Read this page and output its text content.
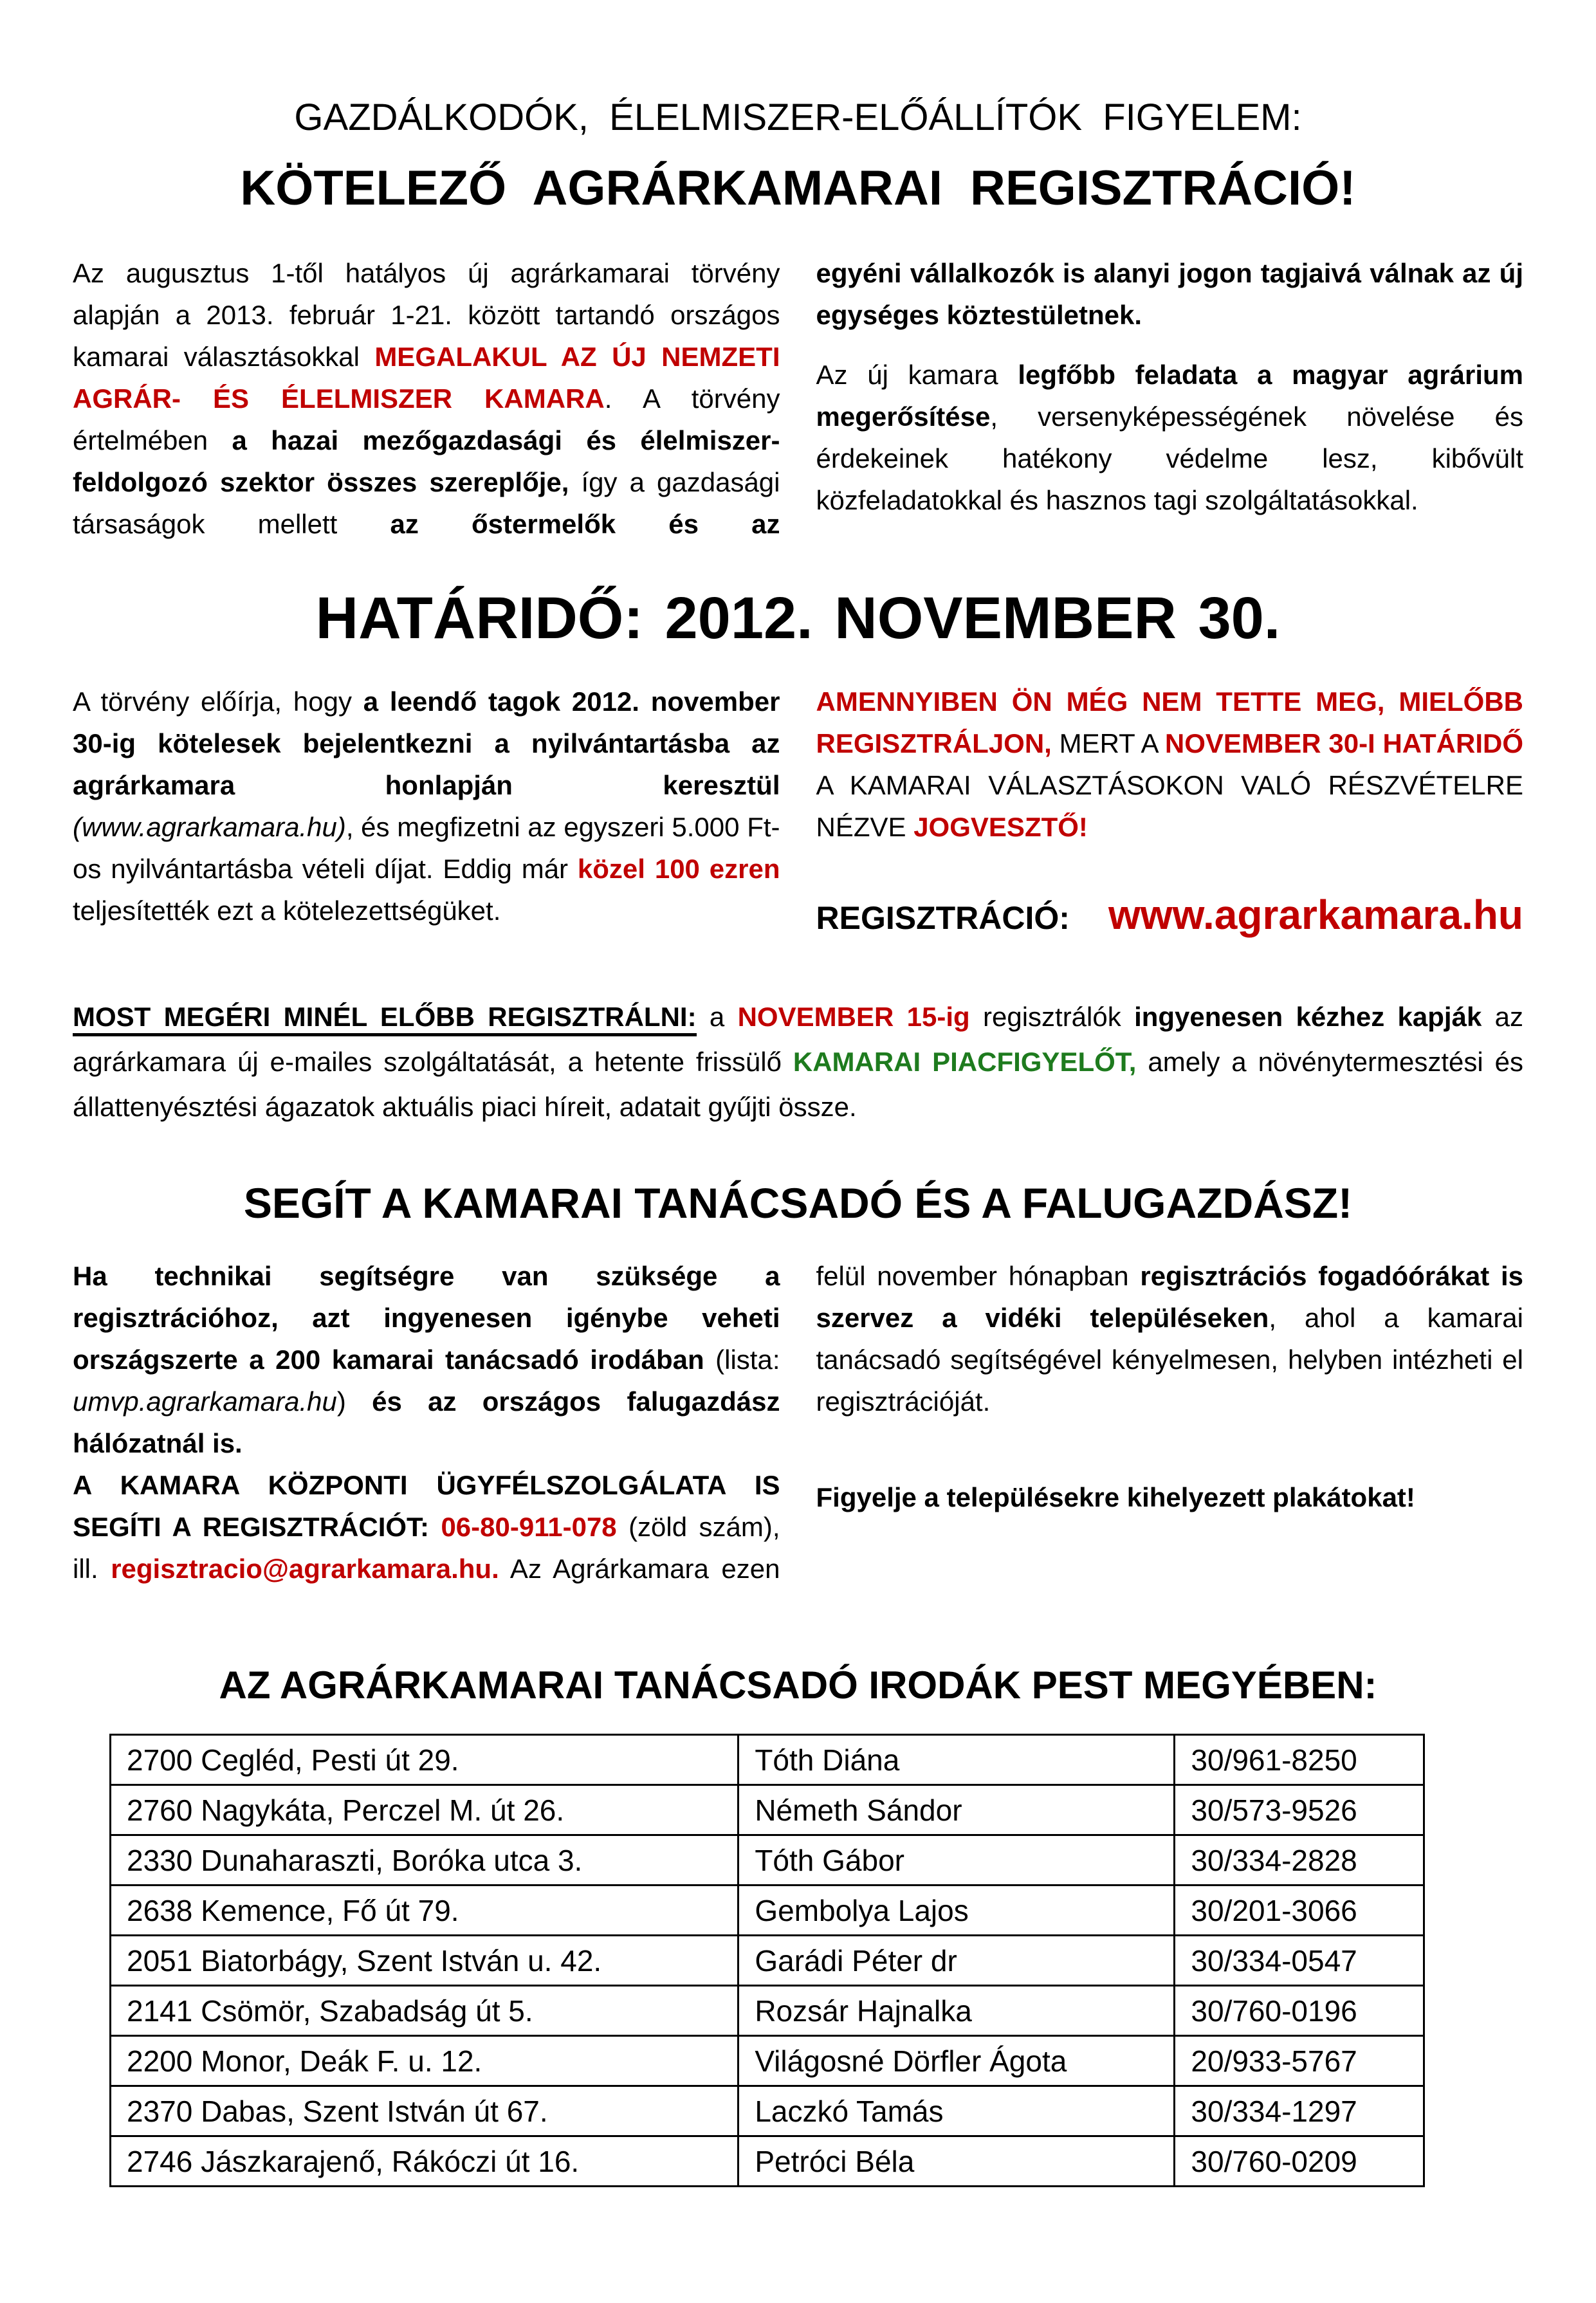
GAZDÁLKODÓK, ÉLELMISZER-ELŐÁLLÍTÓK FIGYELEM:
KÖTELEZŐ AGRÁRKAMARAI REGISZTRÁCIÓ!

Az augusztus 1-től hatályos új agrárkamarai törvény alapján a 2013. február 1-21. között tartandó országos kamarai választásokkal MEGALAKUL AZ ÚJ NEMZETI AGRÁR- ÉS ÉLELMISZER KAMARA. A törvény értelmében a hazai mezőgazdasági és élelmiszer-feldolgozó szektor összes szereplője, így a gazdasági társaságok mellett az őstermelők és az

egyéni vállalkozók is alanyi jogon tagjaivá válnak az új egységes köztestületnek.

Az új kamara legfőbb feladata a magyar agrárium megerősítése, versenyképességének növelése és érdekeinek hatékony védelme lesz, kibővült közfeladatokkal és hasznos tagi szolgáltatásokkal.

HATÁRIDŐ: 2012. NOVEMBER 30.

A törvény előírja, hogy a leendő tagok 2012. november 30-ig kötelesek bejelentkezni a nyilvántartásba az agrárkamara honlapján keresztül (www.agrarkamara.hu), és megfizetni az egyszeri 5.000 Ft-os nyilvántartásba vételi díjat. Eddig már közel 100 ezren teljesítették ezt a kötelezettségüket.

AMENNYIBEN ÖN MÉG NEM TETTE MEG, MIELŐBB REGISZTRÁLJON, MERT A NOVEMBER 30-I HATÁRIDŐ A KAMARAI VÁLASZTÁSOKON VALÓ RÉSZVÉTELRE NÉZVE JOGVESZTŐ!

REGISZTRÁCIÓ: www.agrarkamara.hu
MOST MEGÉRI MINÉL ELŐBB REGISZTRÁLNI: a NOVEMBER 15-ig regisztrálók ingyenesen kézhez kapják az agrárkamara új e-mailes szolgáltatását, a hetente frissülő KAMARAI PIACFIGYELŐT, amely a növénytermesztési és állattenyésztési ágazatok aktuális piaci híreit, adatait gyűjti össze.
SEGÍT A KAMARAI TANÁCSADÓ ÉS A FALUGAZDÁSZ!

Ha technikai segítségre van szüksége a regisztrációhoz, azt ingyenesen igénybe veheti országszerte a 200 kamarai tanácsadó irodában (lista: umvp.agrarkamara.hu) és az országos falugazdász hálózatnál is.

A KAMARA KÖZPONTI ÜGYFÉLSZOLGÁLATA IS SEGÍTI A REGISZTRÁCIÓT: 06-80-911-078 (zöld szám), ill. regisztracio@agrarkamara.hu. Az Agrárkamara ezen

felül november hónapban regisztrációs fogadóórákat is szervez a vidéki településeken, ahol a kamarai tanácsadó segítségével kényelmesen, helyben intézheti el regisztrációját.

Figyelje a településekre kihelyezett plakátokat!

AZ AGRÁRKAMARAI TANÁCSADÓ IRODÁK PEST MEGYÉBEN:
2700 Cegléd, Pesti út 29.	Tóth Diána	30/961-8250
2760 Nagykáta, Perczel M. út 26.	Németh Sándor	30/573-9526
2330 Dunaharaszti, Boróka utca 3.	Tóth Gábor	30/334-2828
2638 Kemence, Fő út 79.	Gembolya Lajos	30/201-3066
2051 Biatorbágy, Szent István u. 42.	Garádi Péter dr	30/334-0547
2141 Csömör, Szabadság út 5.	Rozsár Hajnalka	30/760-0196
2200 Monor, Deák F. u. 12.	Világosné Dörfler Ágota	20/933-5767
2370 Dabas, Szent István út 67.	Laczkó Tamás	30/334-1297
2746 Jászkarajenő, Rákóczi út 16.	Petróci Béla	30/760-0209
